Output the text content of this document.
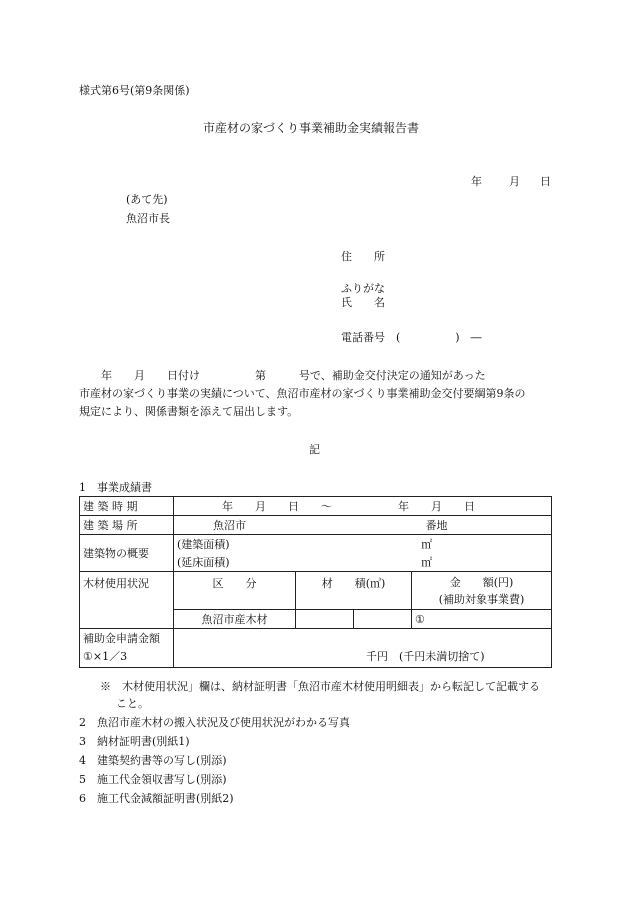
様式第6号(第9条関係)
市産材の家づくり事業補助金実績報告書
年 月 日
(あて先)
魚沼市長
住　　所
ふりがな
氏　　名
電話番号　(　　　　　)　―
　　年　　月　　日付け　　　　　第　　　号で、補助金交付決定の通知があった
市産材の家づくり事業の実績について、魚沼市産材の家づくり事業補助金交付要綱第9条の
規定により、関係書類を添えて届出します。
記
1　事業成績書
建 築 時 期	年　　月　　日　　～　　　　　　年　　月　　日			
建 築 場 所	魚沼市 番地			
建築物の概要	(建築面積) ㎡			
	(延床面積) ㎡			
木材使用状況	区　　分	材　　積(㎥)		金　　額(円)
(補助対象事業費)

	魚沼市産木材			①

補助金申請金額
①×1／3	千円　(千円未満切捨て)			
※　木材使用状況」欄は、納材証明書「魚沼市産木材使用明細表」から転記して記載する
こと。
2　魚沼市産木材の搬入状況及び使用状況がわかる写真
3　納材証明書(別紙1)
4　建築契約書等の写し(別添)
5　施工代金領収書写し(別添)
6　施工代金減額証明書(別紙2)
